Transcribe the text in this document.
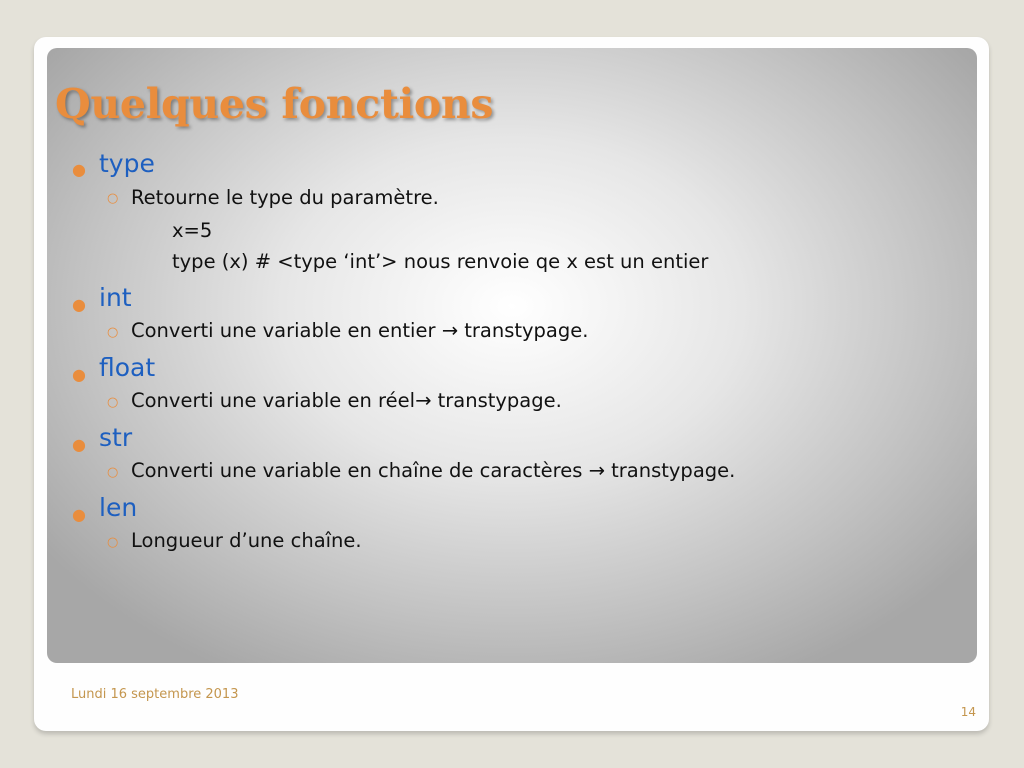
Quelques fonctions
● type
○ Retourne le type du paramètre.
x=5
type (x) # <type ‘int’> nous renvoie qe x est un entier
● int
○ Converti une variable en entier → transtypage.
● float
○ Converti une variable en réel→ transtypage.
● str
○ Converti une variable en chaîne de caractères → transtypage.
● len
○ Longueur d’une chaîne.
Lundi 16 septembre 2013
14
